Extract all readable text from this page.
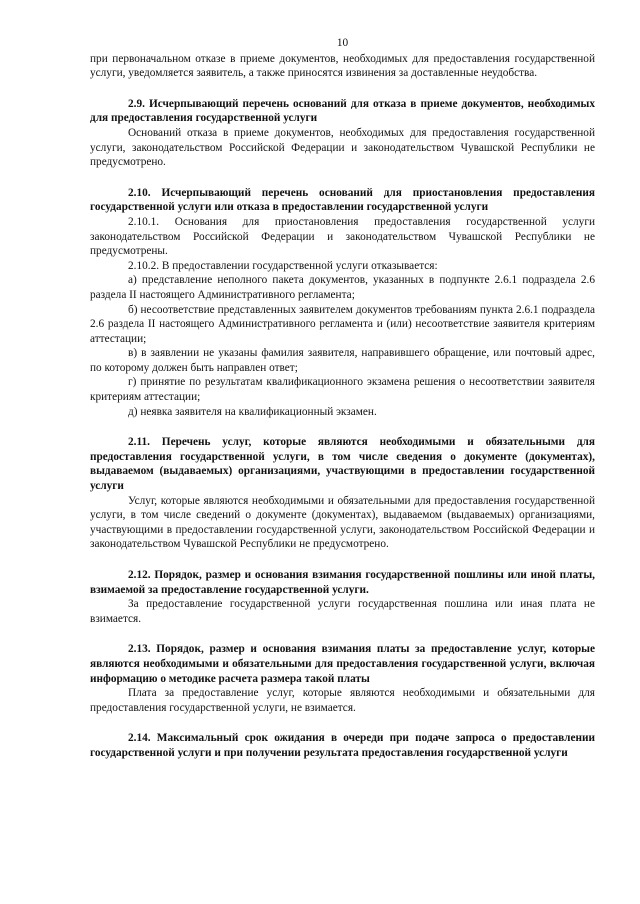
10

при первоначальном отказе в приеме документов, необходимых для предоставления государственной услуги, уведомляется заявитель, а также приносятся извинения за доставленные неудобства.

2.9. Исчерпывающий перечень оснований для отказа в приеме документов, необходимых для предоставления государственной услуги

Оснований отказа в приеме документов, необходимых для предоставления государственной услуги, законодательством Российской Федерации и законодательством Чувашской Республики не предусмотрено.

2.10. Исчерпывающий перечень оснований для приостановления предоставления государственной услуги или отказа в предоставлении государственной услуги

2.10.1. Основания для приостановления предоставления государственной услуги законодательством Российской Федерации и законодательством Чувашской Республики не предусмотрены.

2.10.2. В предоставлении государственной услуги отказывается:

а) представление неполного пакета документов, указанных в подпункте 2.6.1 подраздела 2.6 раздела II настоящего Административного регламента;

б) несоответствие представленных заявителем документов требованиям пункта 2.6.1 подраздела 2.6 раздела II настоящего Административного регламента и (или) несоответствие заявителя критериям аттестации;

в) в заявлении не указаны фамилия заявителя, направившего обращение, или почтовый адрес, по которому должен быть направлен ответ;

г) принятие по результатам квалификационного экзамена решения о несоответствии заявителя критериям аттестации;

д) неявка заявителя на квалификационный экзамен.

2.11. Перечень услуг, которые являются необходимыми и обязательными для предоставления государственной услуги, в том числе сведения о документе (документах), выдаваемом (выдаваемых) организациями, участвующими в предоставлении государственной услуги

Услуг, которые являются необходимыми и обязательными для предоставления государственной услуги, в том числе сведений о документе (документах), выдаваемом (выдаваемых) организациями, участвующими в предоставлении государственной услуги, законодательством Российской Федерации и законодательством Чувашской Республики не предусмотрено.

2.12. Порядок, размер и основания взимания государственной пошлины или иной платы, взимаемой за предоставление государственной услуги.

За предоставление государственной услуги государственная пошлина или иная плата не взимается.

2.13. Порядок, размер и основания взимания платы за предоставление услуг, которые являются необходимыми и обязательными для предоставления государственной услуги, включая информацию о методике расчета размера такой платы

Плата за предоставление услуг, которые являются необходимыми и обязательными для предоставления государственной услуги, не взимается.

2.14. Максимальный срок ожидания в очереди при подаче запроса о предоставлении государственной услуги и при получении результата предоставления государственной услуги
